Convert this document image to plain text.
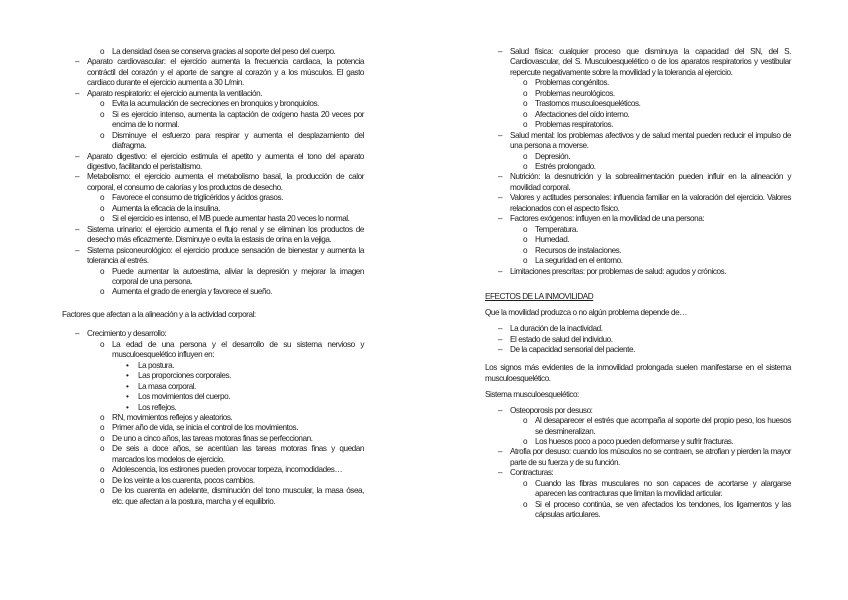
o La densidad ósea se conserva gracias al soporte del peso del cuerpo.
– Aparato cardiovascular: el ejercicio aumenta la frecuencia cardiaca, la potencia contráctil del corazón y el aporte de sangre al corazón y a los músculos. El gasto cardiaco durante el ejercicio aumenta a 30 L/min.
– Aparato respiratorio: el ejercicio aumenta la ventilación.
o Evita la acumulación de secreciones en bronquios y bronquiolos.
o Si es ejercicio intenso, aumenta la captación de oxígeno hasta 20 veces por encima de lo normal.
o Disminuye el esfuerzo para respirar y aumenta el desplazamiento del diafragma.
– Aparato digestivo: el ejercicio estimula el apetito y aumenta el tono del aparato digestivo, facilitando el peristaltismo.
– Metabolismo: el ejercicio aumenta el metabolismo basal, la producción de calor corporal, el consumo de calorías y los productos de desecho.
o Favorece el consumo de triglicéridos y ácidos grasos.
o Aumenta la eficacia de la insulina.
o Si el ejercicio es intenso, el MB puede aumentar hasta 20 veces lo normal.
– Sistema urinario: el ejercicio aumenta el flujo renal y se eliminan los productos de desecho más eficazmente. Disminuye o evita la estasis de orina en la vejiga.
– Sistema psiconeurológico: el ejercicio produce sensación de bienestar y aumenta la tolerancia al estrés.
o Puede aumentar la autoestima, aliviar la depresión y mejorar la imagen corporal de una persona.
o Aumenta el grado de energía y favorece el sueño.
Factores que afectan a la alineación y a la actividad corporal:
– Crecimiento y desarrollo:
o La edad de una persona y el desarrollo de su sistema nervioso y musculoesquelético influyen en:
• La postura.
• Las proporciones corporales.
• La masa corporal.
• Los movimientos del cuerpo.
• Los reflejos.
o RN, movimientos reflejos y aleatorios.
o Primer año de vida, se inicia el control de los movimientos.
o De uno a cinco años, las tareas motoras finas se perfeccionan.
o De seis a doce años, se acentúan las tareas motoras finas y quedan marcados los modelos de ejercicio.
o Adolescencia, los estirones pueden provocar torpeza, incomodidades…
o De los veinte a los cuarenta, pocos cambios.
o De los cuarenta en adelante, disminución del tono muscular, la masa ósea, etc. que afectan a la postura, marcha y el equilibrio.
– Salud física: cualquier proceso que disminuya la capacidad del SN, del S. Cardiovascular, del S. Musculoesquelético o de los aparatos respiratorios y vestibular repercute negativamente sobre la movilidad y la tolerancia al ejercicio.
o Problemas congénitos.
o Problemas neurológicos.
o Trastornos musculoesqueléticos.
o Afectaciones del oído interno.
o Problemas respiratorios.
– Salud mental: los problemas afectivos y de salud mental pueden reducir el impulso de una persona a moverse.
o Depresión.
o Estrés prolongado.
– Nutrición: la desnutrición y la sobrealimentación pueden influir en la alineación y movilidad corporal.
– Valores y actitudes personales: influencia familiar en la valoración del ejercicio. Valores relacionados con el aspecto físico.
– Factores exógenos: influyen en la movilidad de una persona:
o Temperatura.
o Humedad.
o Recursos de instalaciones.
o La seguridad en el entorno.
– Limitaciones prescritas: por problemas de salud: agudos y crónicos.
EFECTOS DE LA INMOVILIDAD
Que la movilidad produzca o no algún problema depende de…
– La duración de la inactividad.
– El estado de salud del individuo.
– De la capacidad sensorial del paciente.
Los signos más evidentes de la inmovilidad prolongada suelen manifestarse en el sistema musculoesquelético.
Sistema musculoesquelético:
– Osteoporosis por desuso:
o Al desaparecer el estrés que acompaña al soporte del propio peso, los huesos se desmineralizan.
o Los huesos poco a poco pueden deformarse y sufrir fracturas.
– Atrofia por desuso: cuando los músculos no se contraen, se atrofian y pierden la mayor parte de su fuerza y de su función.
– Contracturas:
o Cuando las fibras musculares no son capaces de acortarse y alargarse aparecen las contracturas que limitan la movilidad articular.
o Si el proceso continúa, se ven afectados los tendones, los ligamentos y las cápsulas articulares.
